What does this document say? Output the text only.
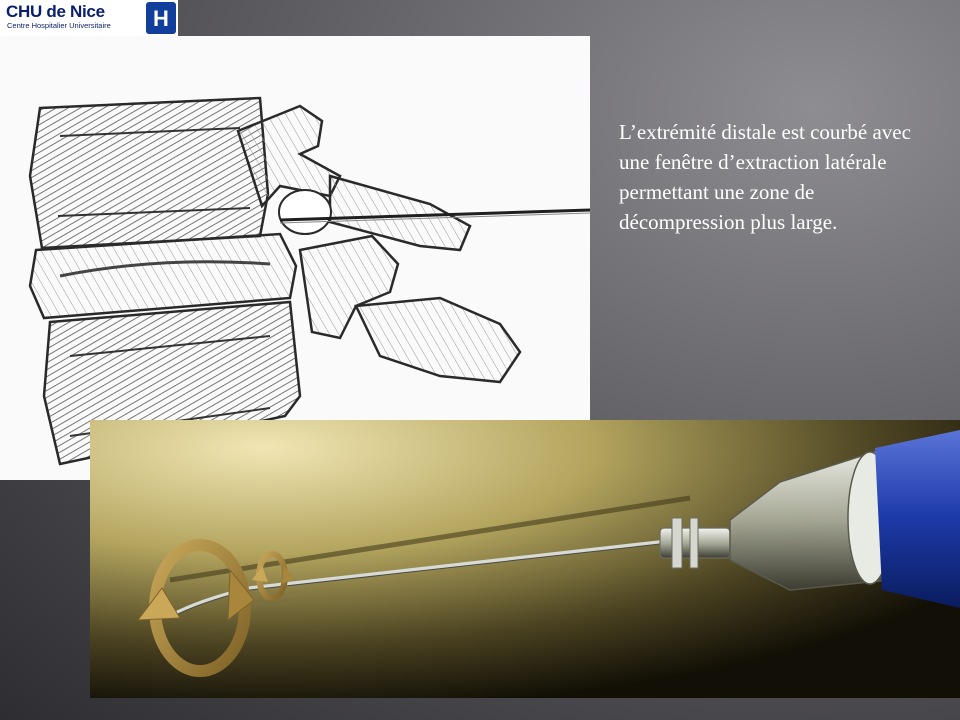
CHU de Nice
Centre Hospitalier Universitaire	H

L’extrémité distale est courbé avec une fenêtre d’extraction latérale permettant une zone de décompression plus large.
